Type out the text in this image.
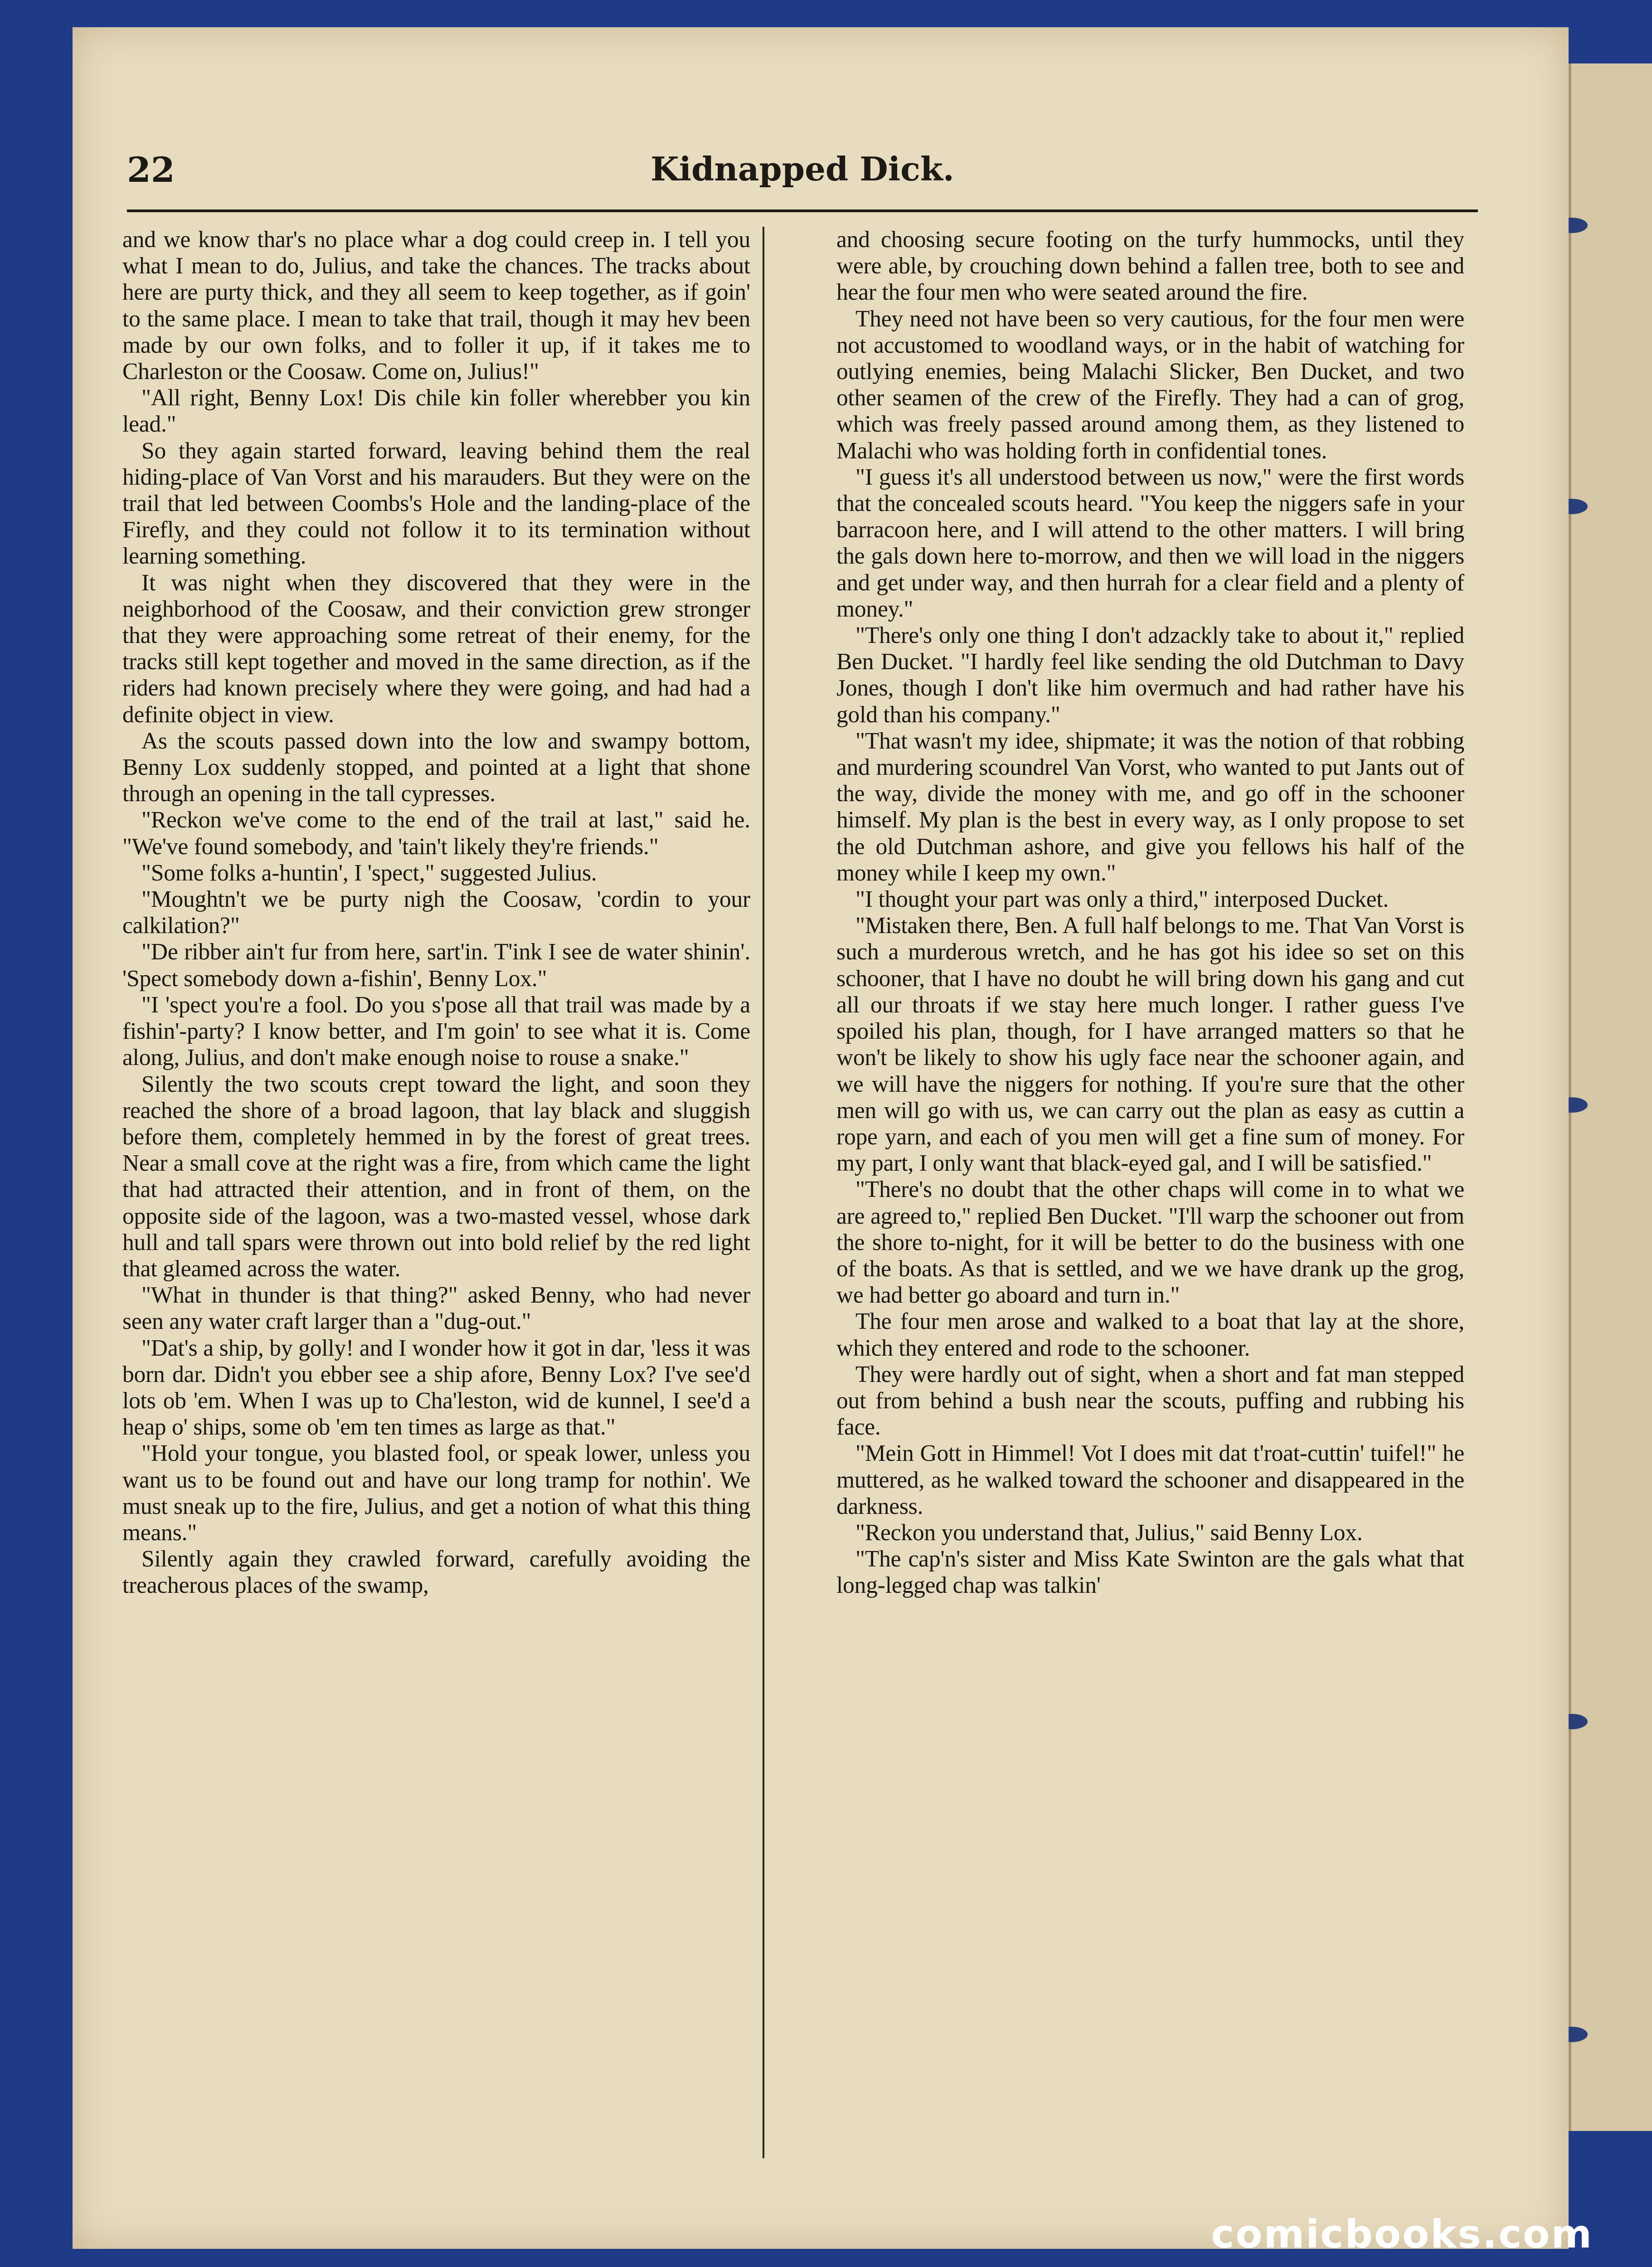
Kidnapped Dick.
22

and we know thar's no place whar a dog could creep in. I tell you what I mean to do, Julius, and take the chances. The tracks about here are purty thick, and they all seem to keep together, as if goin' to the same place. I mean to take that trail, though it may hev been made by our own folks, and to foller it up, if it takes me to Charleston or the Coosaw. Come on, Julius!"

"All right, Benny Lox! Dis chile kin foller wherebber you kin lead."

So they again started forward, leaving behind them the real hiding-place of Van Vorst and his marauders. But they were on the trail that led between Coombs's Hole and the landing-place of the Firefly, and they could not follow it to its termination without learning something.

It was night when they discovered that they were in the neighborhood of the Coosaw, and their conviction grew stronger that they were approaching some retreat of their enemy, for the tracks still kept together and moved in the same direction, as if the riders had known precisely where they were going, and had had a definite object in view.

As the scouts passed down into the low and swampy bottom, Benny Lox suddenly stopped, and pointed at a light that shone through an opening in the tall cypresses.

"Reckon we've come to the end of the trail at last," said he. "We've found somebody, and 'tain't likely they're friends."

"Some folks a-huntin', I 'spect," suggested Julius.

"Moughtn't we be purty nigh the Coosaw, 'cordin to your calkilation?"

"De ribber ain't fur from here, sart'in. T'ink I see de water shinin'. 'Spect somebody down a-fishin', Benny Lox."

"I 'spect you're a fool. Do you s'pose all that trail was made by a fishin'-party? I know better, and I'm goin' to see what it is. Come along, Julius, and don't make enough noise to rouse a snake."

Silently the two scouts crept toward the light, and soon they reached the shore of a broad lagoon, that lay black and sluggish before them, completely hemmed in by the forest of great trees. Near a small cove at the right was a fire, from which came the light that had attracted their attention, and in front of them, on the opposite side of the lagoon, was a two-masted vessel, whose dark hull and tall spars were thrown out into bold relief by the red light that gleamed across the water.

"What in thunder is that thing?" asked Benny, who had never seen any water craft larger than a "dug-out."

"Dat's a ship, by golly! and I wonder how it got in dar, 'less it was born dar. Didn't you ebber see a ship afore, Benny Lox? I've see'd lots ob 'em. When I was up to Cha'leston, wid de kunnel, I see'd a heap o' ships, some ob 'em ten times as large as that."

"Hold your tongue, you blasted fool, or speak lower, unless you want us to be found out and have our long tramp for nothin'. We must sneak up to the fire, Julius, and get a notion of what this thing means."

Silently again they crawled forward, carefully avoiding the treacherous places of the swamp,

and choosing secure footing on the turfy hummocks, until they were able, by crouching down behind a fallen tree, both to see and hear the four men who were seated around the fire.

They need not have been so very cautious, for the four men were not accustomed to woodland ways, or in the habit of watching for outlying enemies, being Malachi Slicker, Ben Ducket, and two other seamen of the crew of the Firefly. They had a can of grog, which was freely passed around among them, as they listened to Malachi who was holding forth in confidential tones.

"I guess it's all understood between us now," were the first words that the concealed scouts heard. "You keep the niggers safe in your barracoon here, and I will attend to the other matters. I will bring the gals down here to-morrow, and then we will load in the niggers and get under way, and then hurrah for a clear field and a plenty of money."

"There's only one thing I don't adzackly take to about it," replied Ben Ducket. "I hardly feel like sending the old Dutchman to Davy Jones, though I don't like him overmuch and had rather have his gold than his company."

"That wasn't my idee, shipmate; it was the notion of that robbing and murdering scoundrel Van Vorst, who wanted to put Jants out of the way, divide the money with me, and go off in the schooner himself. My plan is the best in every way, as I only propose to set the old Dutchman ashore, and give you fellows his half of the money while I keep my own."

"I thought your part was only a third," interposed Ducket.

"Mistaken there, Ben. A full half belongs to me. That Van Vorst is such a murderous wretch, and he has got his idee so set on this schooner, that I have no doubt he will bring down his gang and cut all our throats if we stay here much longer. I rather guess I've spoiled his plan, though, for I have arranged matters so that he won't be likely to show his ugly face near the schooner again, and we will have the niggers for nothing. If you're sure that the other men will go with us, we can carry out the plan as easy as cuttin a rope yarn, and each of you men will get a fine sum of money. For my part, I only want that black-eyed gal, and I will be satisfied."

"There's no doubt that the other chaps will come in to what we are agreed to," replied Ben Ducket. "I'll warp the schooner out from the shore to-night, for it will be better to do the business with one of the boats. As that is settled, and we we have drank up the grog, we had better go aboard and turn in."

The four men arose and walked to a boat that lay at the shore, which they entered and rode to the schooner.

They were hardly out of sight, when a short and fat man stepped out from behind a bush near the scouts, puffing and rubbing his face.

"Mein Gott in Himmel! Vot I does mit dat t'roat-cuttin' tuifel!" he muttered, as he walked toward the schooner and disappeared in the darkness.

"Reckon you understand that, Julius," said Benny Lox.

"The cap'n's sister and Miss Kate Swinton are the gals what that long-legged chap was talkin'

comicbooks.com
